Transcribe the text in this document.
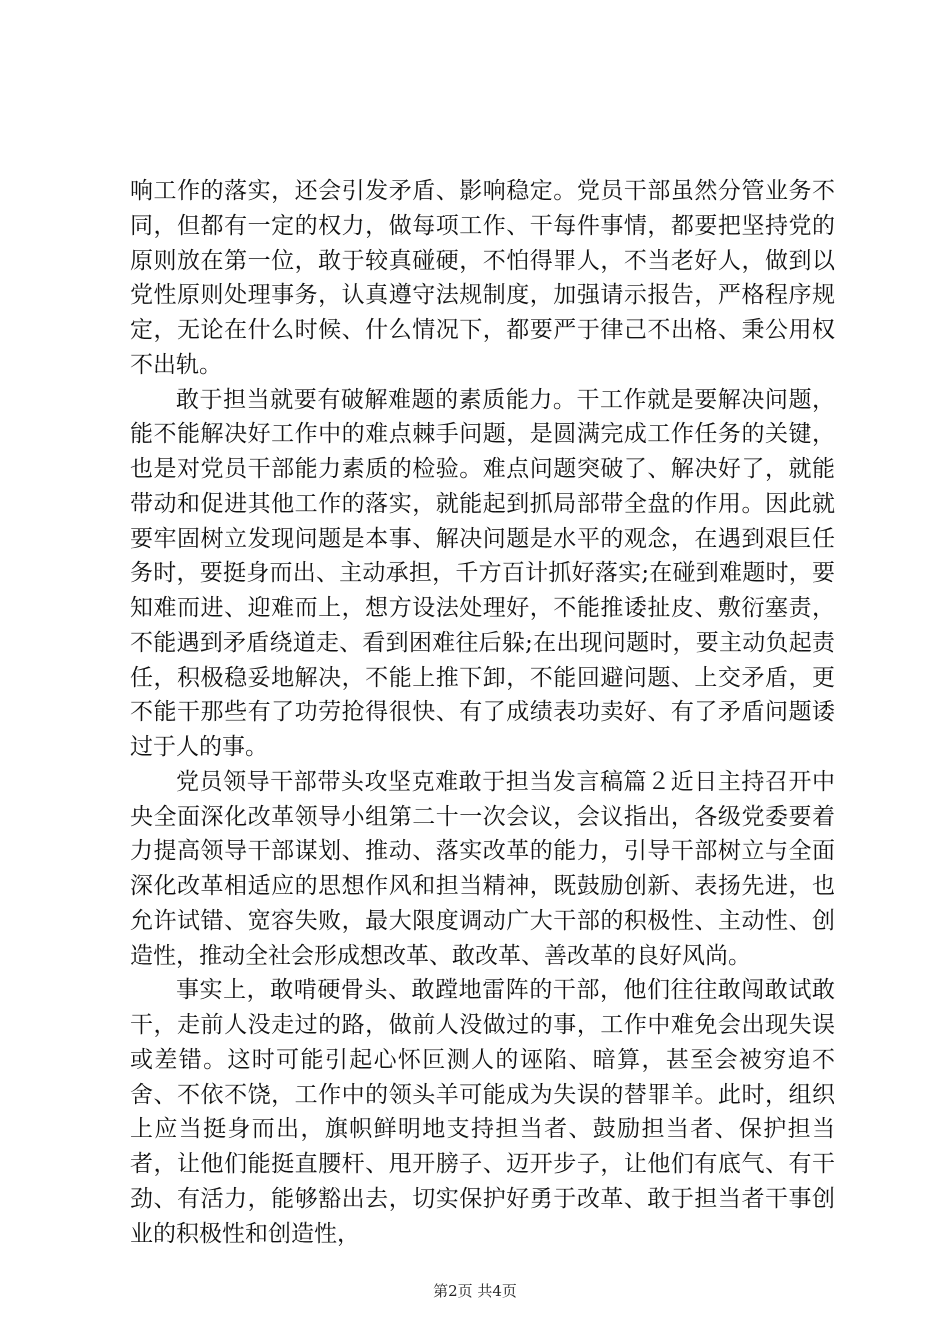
响工作的落实，还会引发矛盾、影响稳定。党员干部虽然分管业务不同，但都有一定的权力，做每项工作、干每件事情，都要把坚持党的原则放在第一位，敢于较真碰硬，不怕得罪人，不当老好人，做到以党性原则处理事务，认真遵守法规制度，加强请示报告，严格程序规定，无论在什么时候、什么情况下，都要严于律己不出格、秉公用权不出轨。

敢于担当就要有破解难题的素质能力。干工作就是要解决问题，能不能解决好工作中的难点棘手问题，是圆满完成工作任务的关键，也是对党员干部能力素质的检验。难点问题突破了、解决好了，就能带动和促进其他工作的落实，就能起到抓局部带全盘的作用。因此就要牢固树立发现问题是本事、解决问题是水平的观念，在遇到艰巨任务时，要挺身而出、主动承担，千方百计抓好落实;在碰到难题时，要知难而进、迎难而上，想方设法处理好，不能推诿扯皮、敷衍塞责，不能遇到矛盾绕道走、看到困难往后躲;在出现问题时，要主动负起责任，积极稳妥地解决，不能上推下卸，不能回避问题、上交矛盾，更不能干那些有了功劳抢得很快、有了成绩表功卖好、有了矛盾问题诿过于人的事。

党员领导干部带头攻坚克难敢于担当发言稿篇２近日主持召开中央全面深化改革领导小组第二十一次会议，会议指出，各级党委要着力提高领导干部谋划、推动、落实改革的能力，引导干部树立与全面深化改革相适应的思想作风和担当精神，既鼓励创新、表扬先进，也允许试错、宽容失败，最大限度调动广大干部的积极性、主动性、创造性，推动全社会形成想改革、敢改革、善改革的良好风尚。

事实上，敢啃硬骨头、敢蹚地雷阵的干部，他们往往敢闯敢试敢干，走前人没走过的路，做前人没做过的事，工作中难免会出现失误或差错。这时可能引起心怀叵测人的诬陷、暗算，甚至会被穷追不舍、不依不饶，工作中的领头羊可能成为失误的替罪羊。此时，组织上应当挺身而出，旗帜鲜明地支持担当者、鼓励担当者、保护担当者，让他们能挺直腰杆、甩开膀子、迈开步子，让他们有底气、有干劲、有活力，能够豁出去，切实保护好勇于改革、敢于担当者干事创业的积极性和创造性，

第2页 共4页
